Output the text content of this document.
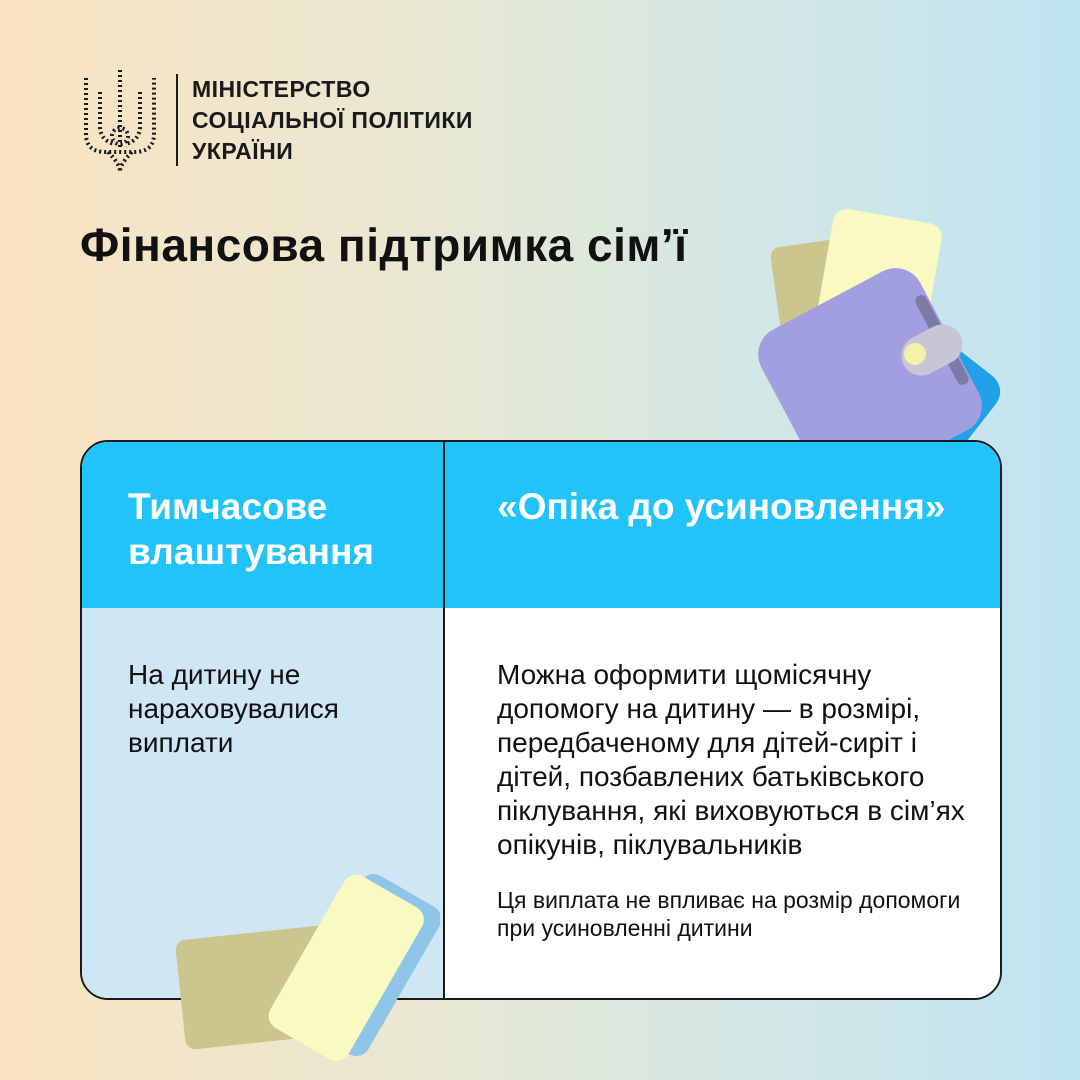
МІНІСТЕРСТВО
СОЦІАЛЬНОЇ ПОЛІТИКИ
УКРАЇНИ
Фінансова підтримка сім’ї
Тимчасове влаштування
На дитину не нараховувалися виплати
«Опіка до усиновлення»
Можна оформити щомісячну допомогу на дитину — в розмірі, передбаченому для дітей-сиріт і дітей, позбавлених батьківського піклування, які виховуються в сім’ях опікунів, піклувальників
Ця виплата не впливає на розмір допомоги при усиновленні дитини
